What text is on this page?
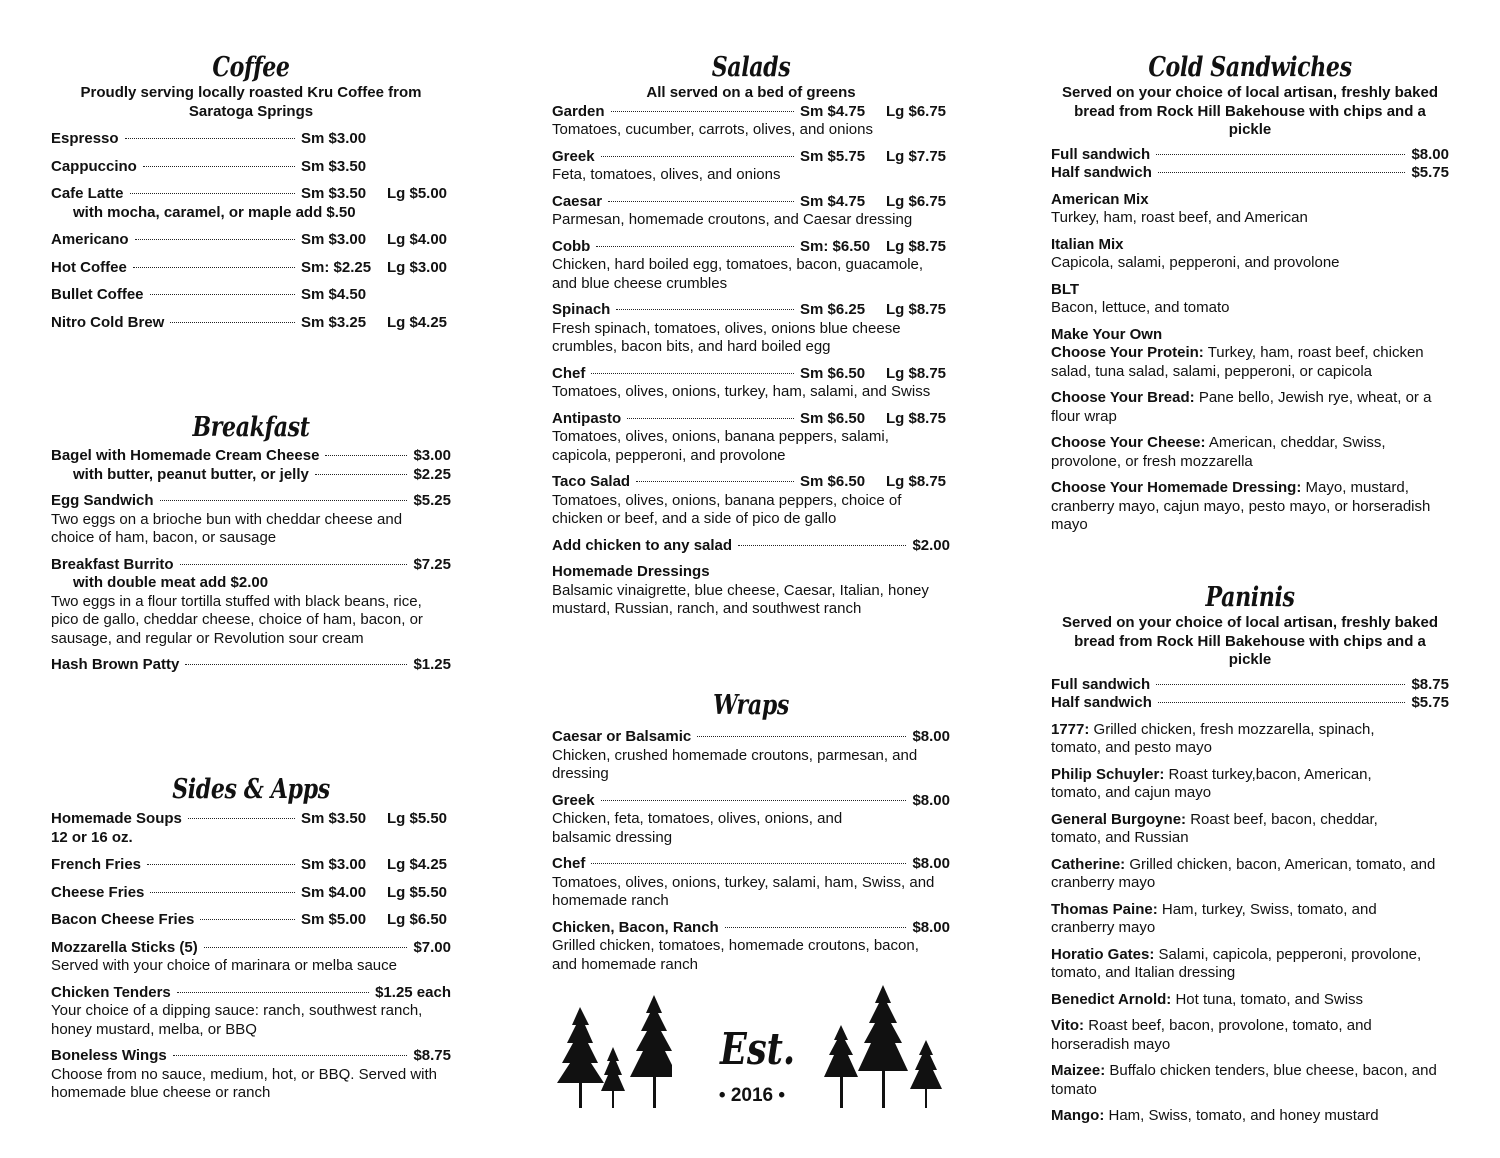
Coffee
Proudly serving locally roasted Kru Coffee from Saratoga Springs
Espresso	Sm $3.00
Cappuccino	Sm $3.50
Cafe Latte	Sm $3.50	Lg $5.00
with mocha, caramel, or maple add $.50
Americano	Sm $3.00	Lg $4.00
Hot Coffee	Sm: $2.25	Lg $3.00
Bullet Coffee	Sm $4.50
Nitro Cold Brew	Sm $3.25	Lg $4.25
Breakfast
Bagel with Homemade Cream Cheese	$3.00
with butter, peanut butter, or jelly	$2.25
Egg Sandwich	$5.25
Two eggs on a brioche bun with cheddar cheese and choice of ham, bacon, or sausage
Breakfast Burrito	$7.25
with double meat add $2.00
Two eggs in a flour tortilla stuffed with black beans, rice, pico de gallo, cheddar cheese, choice of ham, bacon, or sausage, and regular or Revolution sour cream
Hash Brown Patty	$1.25
Sides & Apps
Homemade Soups	Sm $3.50	Lg $5.50
12 or 16 oz.
French Fries	Sm $3.00	Lg $4.25
Cheese Fries	Sm $4.00	Lg $5.50
Bacon Cheese Fries	Sm $5.00	Lg $6.50
Mozzarella Sticks (5)	$7.00
Served with your choice of marinara or melba sauce
Chicken Tenders	$1.25 each
Your choice of a dipping sauce: ranch, southwest ranch, honey mustard, melba, or BBQ
Boneless Wings	$8.75
Choose from no sauce, medium, hot, or BBQ. Served with homemade blue cheese or ranch
Salads
All served on a bed of greens
Garden	Sm $4.75	Lg $6.75
Tomatoes, cucumber, carrots, olives, and onions
Greek	Sm $5.75	Lg $7.75
Feta, tomatoes, olives, and onions
Caesar	Sm $4.75	Lg $6.75
Parmesan, homemade croutons, and Caesar dressing
Cobb	Sm: $6.50	Lg $8.75
Chicken, hard boiled egg, tomatoes, bacon, guacamole, and blue cheese crumbles
Spinach	Sm $6.25	Lg $8.75
Fresh spinach, tomatoes, olives, onions blue cheese crumbles, bacon bits, and hard boiled egg
Chef	Sm $6.50	Lg $8.75
Tomatoes, olives, onions, turkey, ham, salami, and Swiss
Antipasto	Sm $6.50	Lg $8.75
Tomatoes, olives, onions, banana peppers, salami, capicola, pepperoni, and provolone
Taco Salad	Sm $6.50	Lg $8.75
Tomatoes, olives, onions, banana peppers, choice of chicken or beef, and a side of pico de gallo
Add chicken to any salad	$2.00
Homemade Dressings
Balsamic vinaigrette, blue cheese, Caesar, Italian, honey mustard, Russian, ranch, and southwest ranch
Wraps
Caesar or Balsamic	$8.00
Chicken, crushed homemade croutons, parmesan, and dressing
Greek	$8.00
Chicken, feta, tomatoes, olives, onions, and balsamic dressing
Chef	$8.00
Tomatoes, olives, onions, turkey, salami, ham, Swiss, and homemade ranch
Chicken, Bacon, Ranch	$8.00
Grilled chicken, tomatoes, homemade croutons, bacon, and homemade ranch
Est.
• 2016 •
Cold Sandwiches
Served on your choice of local artisan, freshly baked bread from Rock Hill Bakehouse with chips and a pickle
Full sandwich	$8.00
Half sandwich	$5.75
American Mix
Turkey, ham, roast beef, and American
Italian Mix
Capicola, salami, pepperoni, and provolone
BLT
Bacon, lettuce, and tomato
Make Your Own
Choose Your Protein: Turkey, ham, roast beef, chicken salad, tuna salad, salami, pepperoni, or capicola
Choose Your Bread: Pane bello, Jewish rye, wheat, or a flour wrap
Choose Your Cheese: American, cheddar, Swiss, provolone, or fresh mozzarella
Choose Your Homemade Dressing: Mayo, mustard, cranberry mayo, cajun mayo, pesto mayo, or horseradish mayo
Paninis
Served on your choice of local artisan, freshly baked bread from Rock Hill Bakehouse with chips and a pickle
Full sandwich	$8.75
Half sandwich	$5.75
1777: Grilled chicken, fresh mozzarella, spinach, tomato, and pesto mayo
Philip Schuyler: Roast turkey,bacon, American, tomato, and cajun mayo
General Burgoyne: Roast beef, bacon, cheddar, tomato, and Russian
Catherine: Grilled chicken, bacon, American, tomato, and cranberry mayo
Thomas Paine: Ham, turkey, Swiss, tomato, and cranberry mayo
Horatio Gates: Salami, capicola, pepperoni, provolone, tomato, and Italian dressing
Benedict Arnold: Hot tuna, tomato, and Swiss
Vito: Roast beef, bacon, provolone, tomato, and horseradish mayo
Maizee: Buffalo chicken tenders, blue cheese, bacon, and tomato
Mango: Ham, Swiss, tomato, and honey mustard
